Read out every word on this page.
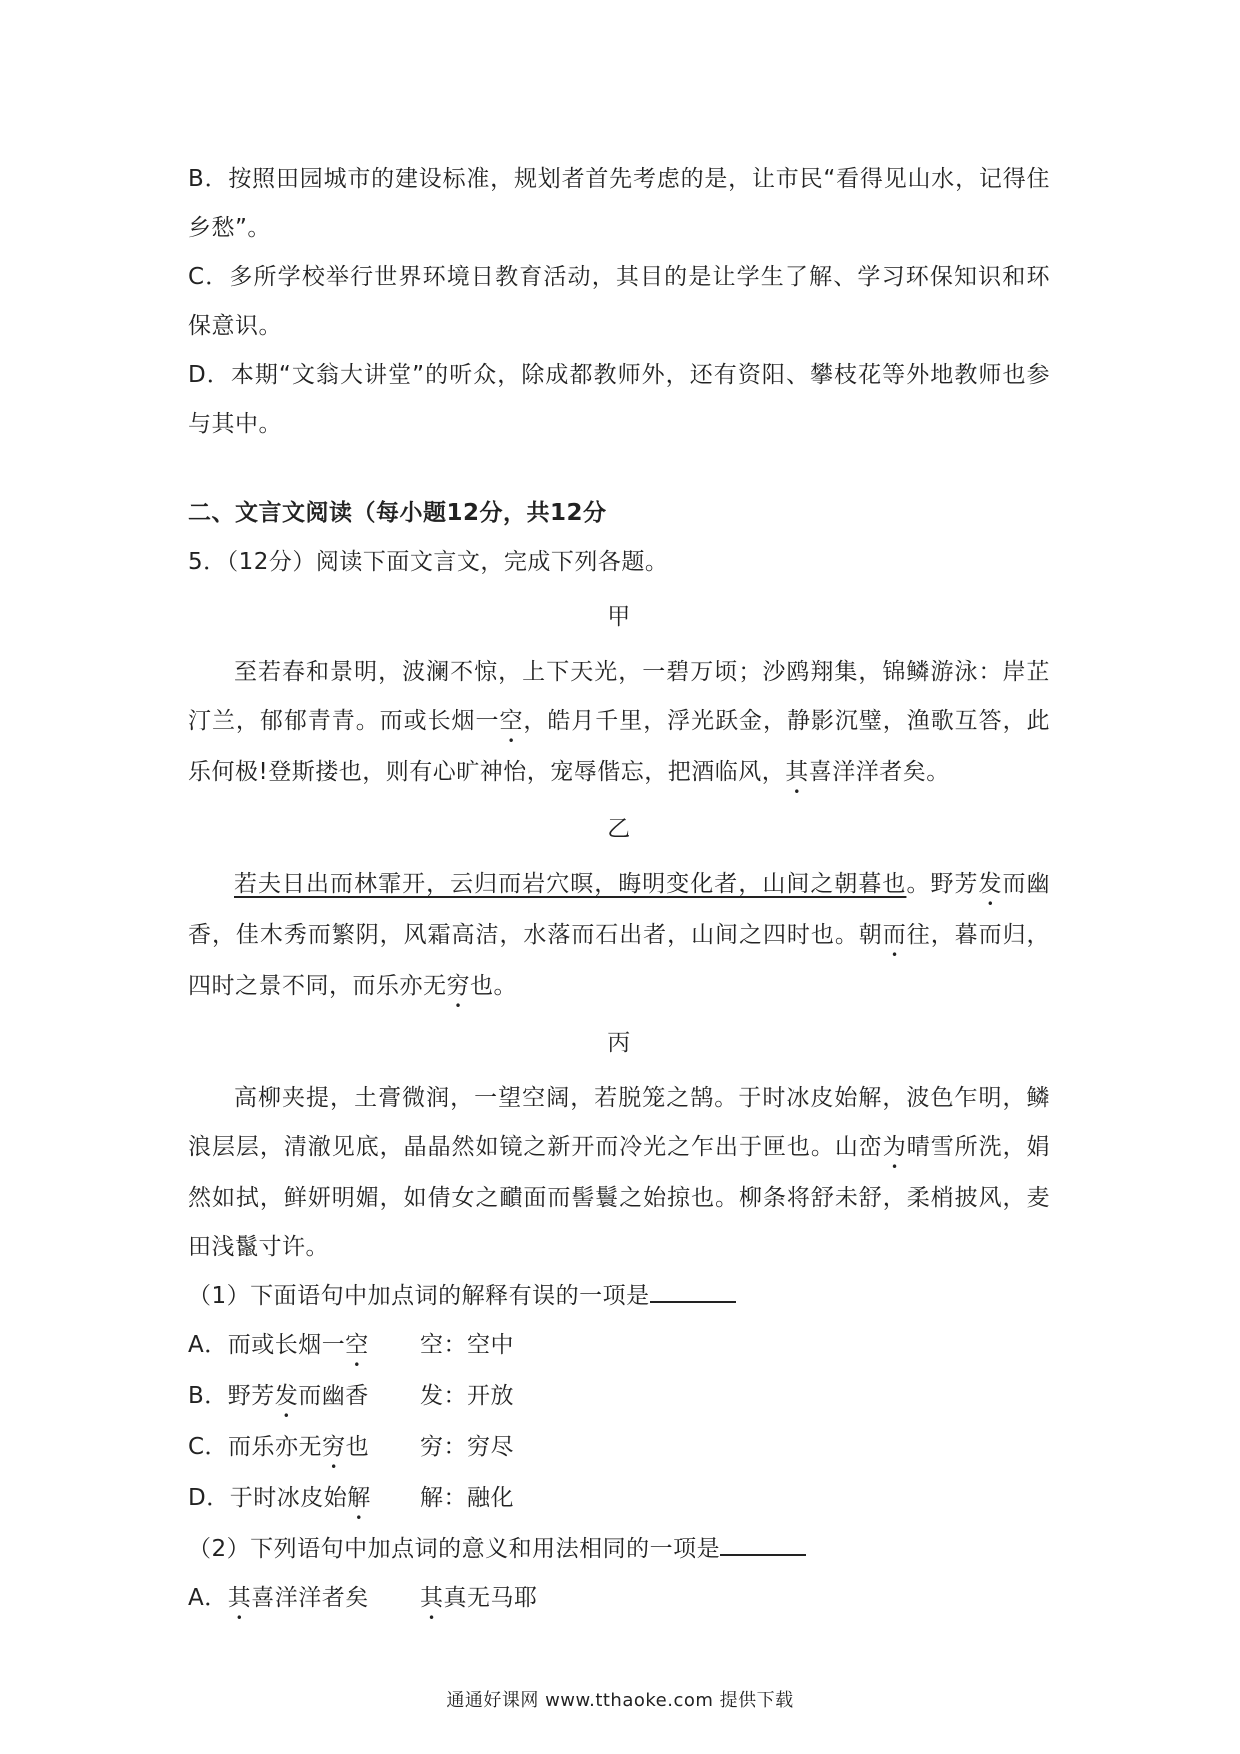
B．按照田园城市的建设标准，规划者首先考虑的是，让市民“看得见山水，记得住乡愁”。

C．多所学校举行世界环境日教育活动，其目的是让学生了解、学习环保知识和环保意识。

D．本期“文翁大讲堂”的听众，除成都教师外，还有资阳、攀枝花等外地教师也参与其中。

二、文言文阅读（每小题12分，共12分

5．（12分）阅读下面文言文，完成下列各题。

甲

至若春和景明，波澜不惊，上下天光，一碧万顷；沙鸥翔集，锦鳞游泳：岸芷汀兰，郁郁青青。而或长烟一空，皓月千里，浮光跃金，静影沉璧，渔歌互答，此乐何极!登斯搂也，则有心旷神怡，宠辱偕忘，把酒临风，其喜洋洋者矣。

乙

若夫日出而林霏开，云归而岩穴暝，晦明变化者，山间之朝暮也。野芳发而幽香，佳木秀而繁阴，风霜高洁，水落而石出者，山间之四时也。朝而往，暮而归，四时之景不同，而乐亦无穷也。

丙

高柳夹提，土膏微润，一望空阔，若脱笼之鹄。于时冰皮始解，波色乍明，鳞浪层层，清澈见底，晶晶然如镜之新开而冷光之乍出于匣也。山峦为晴雪所洗，娟然如拭，鲜妍明媚，如倩女之靧面而髻鬟之始掠也。柳条将舒未舒，柔梢披风，麦田浅鬣寸许。

（1）下面语句中加点词的解释有误的一项是

A．而或长烟一空	空：空中
B．野芳发而幽香	发：开放
C．而乐亦无穷也	穷：穷尽
D．于时冰皮始解	解：融化

（2）下列语句中加点词的意义和用法相同的一项是

A．其喜洋洋者矣	其真无马耶
通通好课网 www.tthaoke.com 提供下载
